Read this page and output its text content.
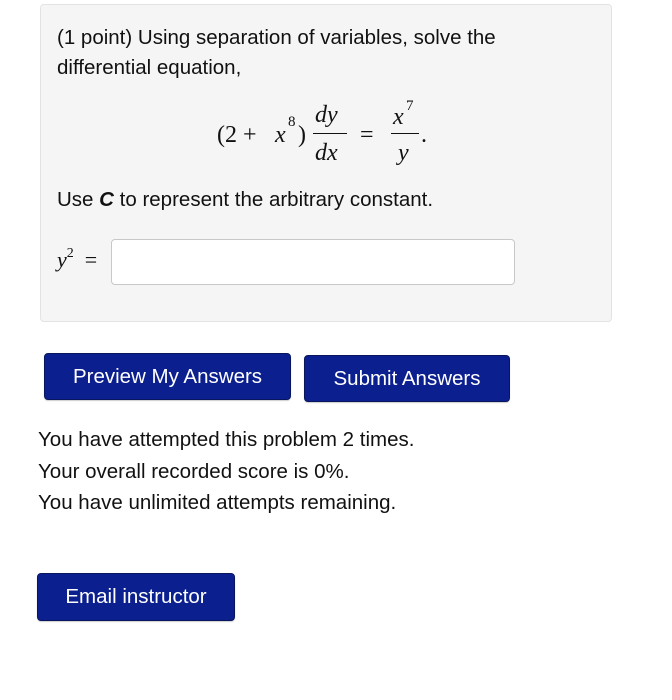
(1 point) Using separation of variables, solve the differential equation,

(2 + x 8 )
dy
dx
=
x 7
y
.

Use C to represent the arbitrary constant.

$y^2$ =
Preview My Answers	Submit Answers
You have attempted this problem 2 times.
Your overall recorded score is 0%.
You have unlimited attempts remaining.
Email instructor
